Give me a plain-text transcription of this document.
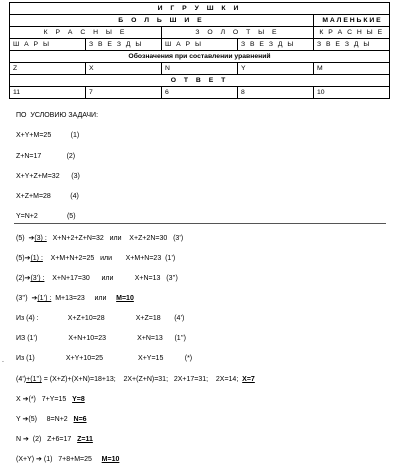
И Г Р У Ш К И				
Б О Л Ь Ш И Е				М А Л Е Н Ь К И Е
К Р А С Н Ы Е		З О Л О Т Ы Е		К Р А С Н Ы Е
Ш А Р Ы	З В Е З Д Ы	Ш А Р Ы	З В Е З Д Ы	З В Е З Д Ы
Обозначения при составлении уравнений				
Z	X	N	Y	M
О Т В Е Т				
11	7	6	8	10
ПО  УСЛОВИЮ ЗАДАЧИ:
X+Y+M=25          (1)
Z+N=17             (2)
X+Y+Z+M=32      (3)
X+Z+M=28          (4)
Y=N+2               (5)
(5)  ➔(3) :   X+N+2+Z+N=32   или    X+Z+2N=30   (3’)
(5)➔(1) :    X+M+N+2=25   или       X+M+N=23  (1’)
(2)➔(3’) :    X+N+17=30      или           X+N=13   (3’’)
(3’’)  ➔(1’) :  M+13=23     или     M=10
Из (4) :               X+Z+10=28                X+Z=18       (4’)
ИЗ (1’)                X+N+10=23                X+N=13      (1’’)
Из (1)                X+Y+10=25                  X+Y=15           (*)
.
(4’)+(1’’) = (X+Z)+(X+N)=18+13;    2X+(Z+N)=31;   2X+17=31;    2X=14;  X=7
X ➔(*)   7+Y=15   Y=8
Y ➔(5)     8=N+2   N=6
N ➔  (2)   Z+6=17   Z=11
(X+Y) ➔ (1)   7+8+M=25     M=10
